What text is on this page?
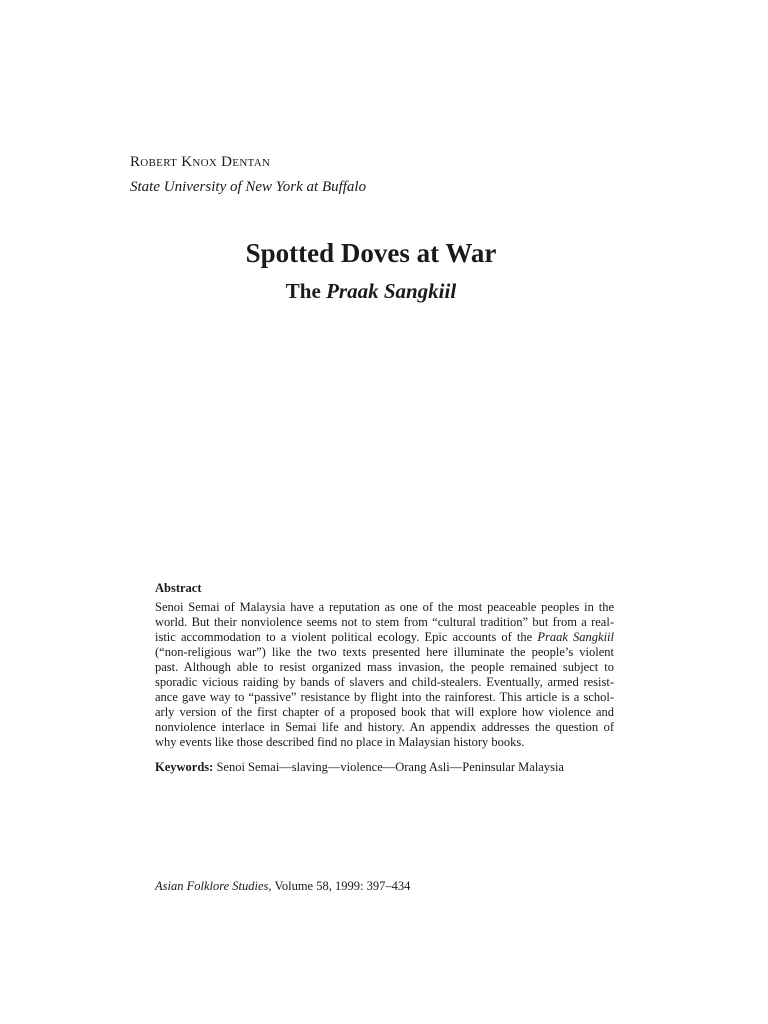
Robert Knox Dentan
State University of New York at Buffalo
Spotted Doves at War
The Praak Sangkiil
Abstract
Senoi Semai of Malaysia have a reputation as one of the most peaceable peoples in the
world. But their nonviolence seems not to stem from “cultural tradition” but from a real-
istic accommodation to a violent political ecology. Epic accounts of the Praak Sangkiil
(“non-religious war”) like the two texts presented here illuminate the people’s violent
past. Although able to resist organized mass invasion, the people remained subject to
sporadic vicious raiding by bands of slavers and child-stealers. Eventually, armed resist-
ance gave way to “passive” resistance by flight into the rainforest. This article is a schol-
arly version of the first chapter of a proposed book that will explore how violence and
nonviolence interlace in Semai life and history. An appendix addresses the question of
why events like those described find no place in Malaysian history books.
Keywords: Senoi Semai—slaving—violence—Orang Asli—Peninsular Malaysia
Asian Folklore Studies, Volume 58, 1999: 397–434
